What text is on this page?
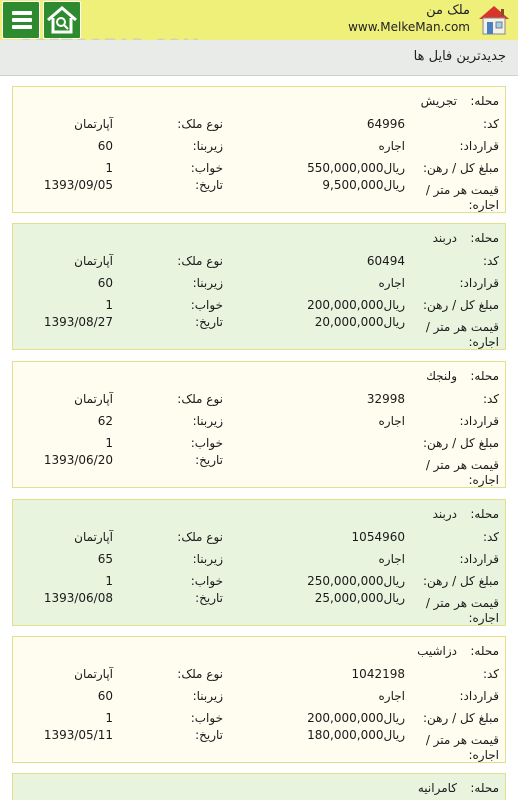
ملک من
www.MelkeMan.com
جدیدترین فایل ها
محله:
تجریش
کد:
64996
قرارداد:
اجاره
مبلغ کل / رهن:
550,000,000ریال
قیمت هر متر / اجاره:
9,500,000ریال
نوع ملک:
آپارتمان
زیربنا:
60
خواب:
1
تاریخ:
1393/09/05
محله:
دربند
کد:
60494
قرارداد:
اجاره
مبلغ کل / رهن:
200,000,000ریال
قیمت هر متر / اجاره:
20,000,000ریال
نوع ملک:
آپارتمان
زیربنا:
60
خواب:
1
تاریخ:
1393/08/27
محله:
ولنجك
کد:
32998
قرارداد:
اجاره
مبلغ کل / رهن:
قیمت هر متر / اجاره:
نوع ملک:
آپارتمان
زیربنا:
62
خواب:
1
تاریخ:
1393/06/20
محله:
دربند
کد:
1054960
قرارداد:
اجاره
مبلغ کل / رهن:
250,000,000ریال
قیمت هر متر / اجاره:
25,000,000ریال
نوع ملک:
آپارتمان
زیربنا:
65
خواب:
1
تاریخ:
1393/06/08
محله:
دزاشیب
کد:
1042198
قرارداد:
اجاره
مبلغ کل / رهن:
200,000,000ریال
قیمت هر متر / اجاره:
180,000,000ریال
نوع ملک:
آپارتمان
زیربنا:
60
خواب:
1
تاریخ:
1393/05/11
محله:
کامرانیه
